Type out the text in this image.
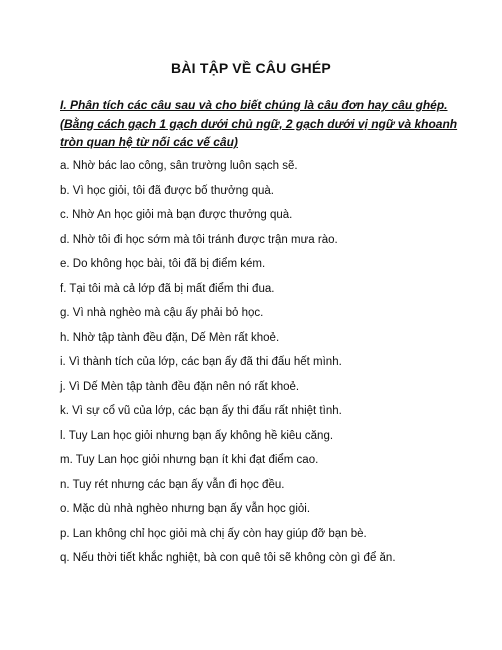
BÀI TẬP VỀ CÂU GHÉP
I. Phân tích các câu sau và cho biết chúng là câu đơn hay câu ghép. (Bằng cách gạch 1 gạch dưới chủ ngữ, 2 gạch dưới vị ngữ và khoanh tròn quan hệ từ nối các vế câu)
a. Nhờ bác lao công, sân trường luôn sạch sẽ.
b. Vì học giỏi, tôi đã được bố thưởng quà.
c. Nhờ An học giỏi mà bạn được thưởng quà.
d. Nhờ tôi đi học sớm mà tôi tránh được trận mưa rào.
e. Do không học bài, tôi đã bị điểm kém.
f. Tại tôi mà cả lớp đã bị mất điểm thi đua.
g. Vì nhà nghèo mà cậu ấy phải bỏ học.
h. Nhờ tập tành đều đặn, Dế Mèn rất khoẻ.
i. Vì thành tích của lớp, các bạn ấy đã thi đấu hết mình.
j. Vì Dế Mèn tập tành đều đặn nên nó rất khoẻ.
k. Vì sự cổ vũ của lớp, các bạn ấy thi đấu rất nhiệt tình.
l. Tuy Lan học giỏi nhưng bạn ấy không hề kiêu căng.
m. Tuy Lan học giỏi nhưng bạn ít khi đạt điểm cao.
n. Tuy rét nhưng các bạn ấy vẫn đi học đều.
o. Mặc dù nhà nghèo nhưng bạn ấy vẫn học giỏi.
p. Lan không chỉ học giỏi mà chị ấy còn hay giúp đỡ bạn bè.
q. Nếu thời tiết khắc nghiệt, bà con quê tôi sẽ không còn gì để ăn.
